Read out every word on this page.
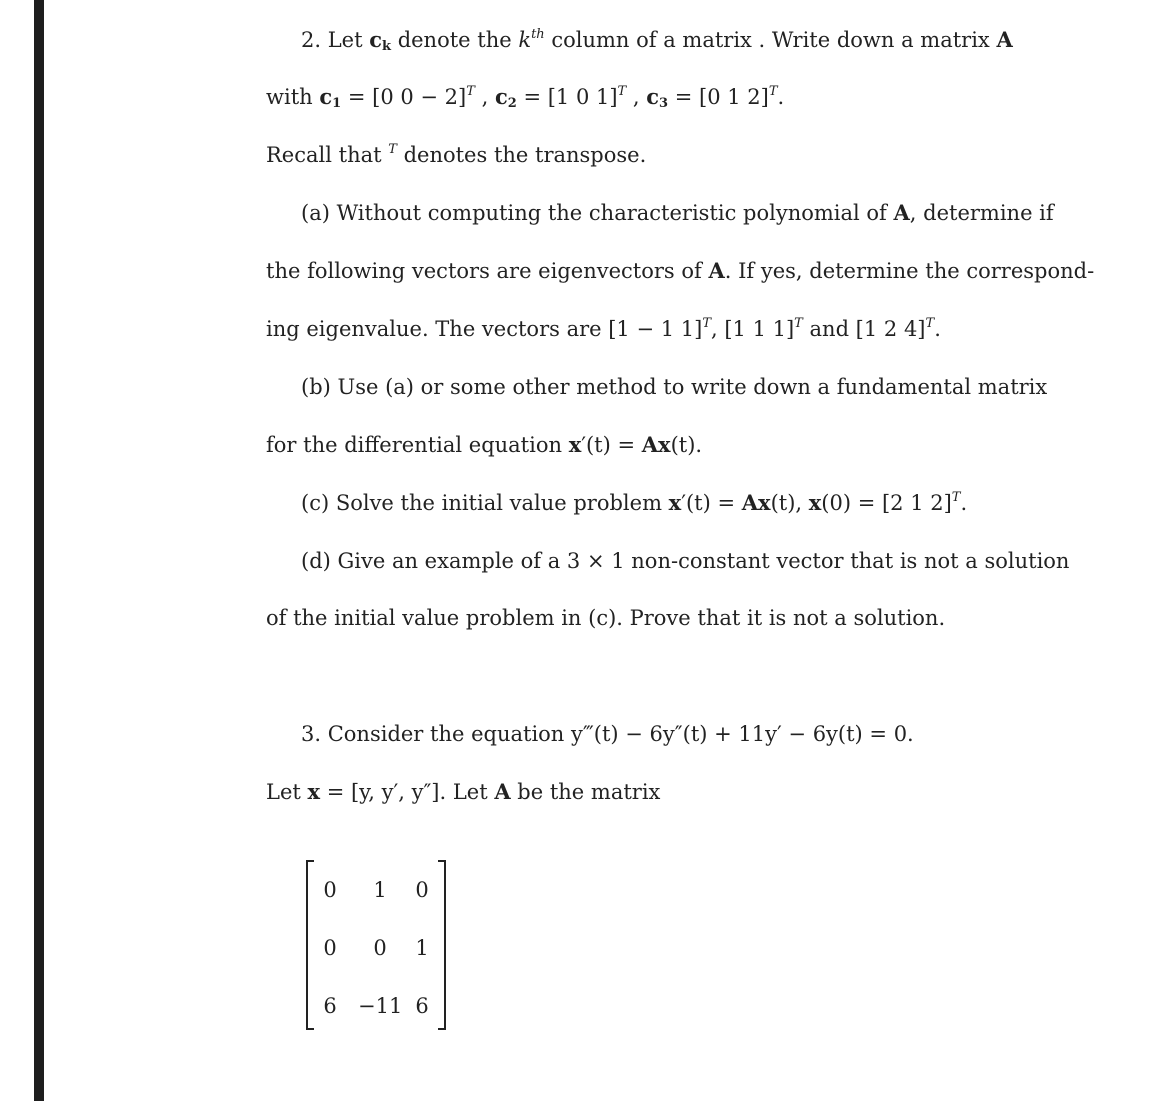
2. Let $c_k$ denote the $k^{th}$ column of a matrix . Write down a matrix A
with $c_1 = [0$ 0 − 2]$^T$ , $c_2 = [1$ 0 1]$^T$ , $c_3 = [0$ 1 2]$^T$.
Recall that $^T$ denotes the transpose.
(a) Without computing the characteristic polynomial of A, determine if
the following vectors are eigenvectors of A. If yes, determine the correspond-
ing eigenvalue. The vectors are [1 − 1 1]$^T$, [1 1 1]$^T$ and [1 2 4]$^T$.
(b) Use (a) or some other method to write down a fundamental matrix
for the differential equation x′(t) = Ax(t).
(c) Solve the initial value problem x′(t) = Ax(t), x(0) = [2 1 2]$^T$.
(d) Give an example of a 3 × 1 non-constant vector that is not a solution
of the initial value problem in (c). Prove that it is not a solution.
3. Consider the equation y‴(t) − 6y″(t) + 11y′ − 6y(t) = 0.
Let x = [y, y′, y″]. Let A be the matrix
0	1	0
0	0	1
6	−11 6
